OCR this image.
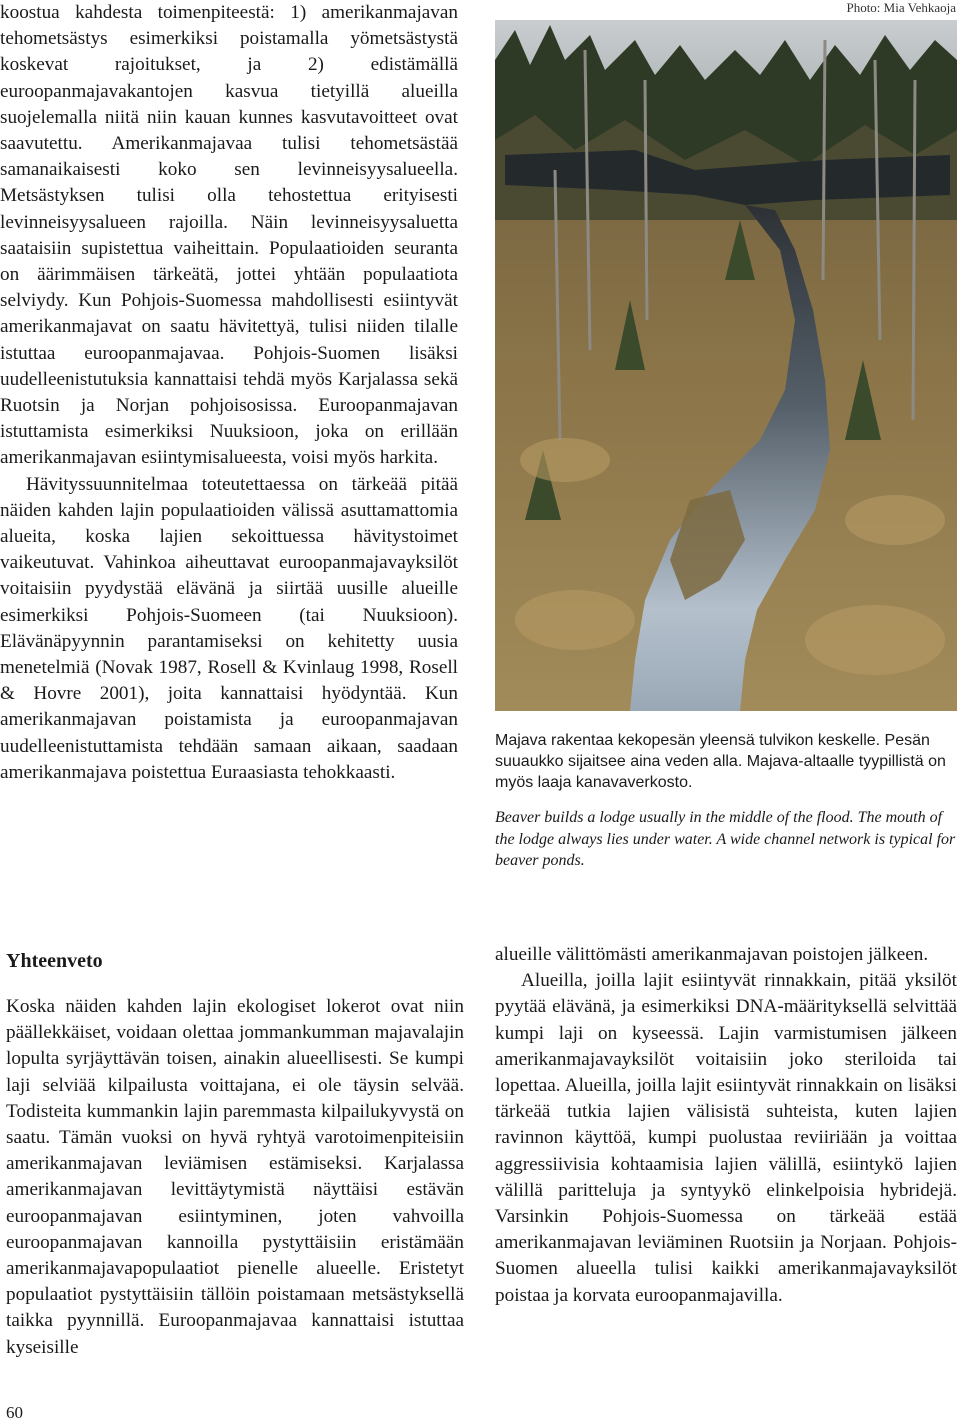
koostua kahdesta toimenpiteestä: 1) amerikanmajavan tehometsästys esimerkiksi poistamalla yömetsästystä koskevat rajoitukset, ja 2) edistämällä euroopanmajavakantojen kasvua tietyillä alueilla suojelemalla niitä niin kauan kunnes kasvutavoitteet ovat saavutettu. Amerikanmajavaa tulisi tehometsästää samanaikaisesti koko sen levinneisyysalueella. Metsästyksen tulisi olla tehostettua erityisesti levinneisyysalueen rajoilla. Näin levinneisyysaluetta saataisiin supistettua vaiheittain. Populaatioiden seuranta on äärimmäisen tärkeätä, jottei yhtään populaatiota selviydy. Kun Pohjois-Suomessa mahdollisesti esiintyvät amerikanmajavat on saatu hävitettyä, tulisi niiden tilalle istuttaa euroopanmajavaa. Pohjois-Suomen lisäksi uudelleenistutuksia kannattaisi tehdä myös Karjalassa sekä Ruotsin ja Norjan pohjoisosissa. Euroopanmajavan istuttamista esimerkiksi Nuuksioon, joka on erillään amerikanmajavan esiintymisalueesta, voisi myös harkita.

Hävityssuunnitelmaa toteutettaessa on tärkeää pitää näiden kahden lajin populaatioiden välissä asuttamattomia alueita, koska lajien sekoittuessa hävitystoimet vaikeutuvat. Vahinkoa aiheuttavat euroopanmajavayksilöt voitaisiin pyydystää elävänä ja siirtää uusille alueille esimerkiksi Pohjois-Suomeen (tai Nuuksioon). Elävänäpyynnin parantamiseksi on kehitetty uusia menetelmiä (Novak 1987, Rosell & Kvinlaug 1998, Rosell & Hovre 2001), joita kannattaisi hyödyntää. Kun amerikanmajavan poistamista ja euroopanmajavan uudelleenistuttamista tehdään samaan aikaan, saadaan amerikanmajava poistettua Euraasiasta tehokkaasti.

Yhteenveto

Koska näiden kahden lajin ekologiset lokerot ovat niin päällekkäiset, voidaan olettaa jommankumman majavalajin lopulta syrjäyttävän toisen, ainakin alueellisesti. Se kumpi laji selviää kilpailusta voittajana, ei ole täysin selvää. Todisteita kummankin lajin paremmasta kilpailukyvystä on saatu. Tämän vuoksi on hyvä ryhtyä varotoimenpiteisiin amerikanmajavan leviämisen estämiseksi. Karjalassa amerikanmajavan levittäytymistä näyttäisi estävän euroopanmajavan esiintyminen, joten vahvoilla euroopanmajavan kannoilla pystyttäisiin eristämään amerikanmajavapopulaatiot pienelle alueelle. Eristetyt populaatiot pystyttäisiin tällöin poistamaan metsästyksellä taikka pyynnillä. Euroopanmajavaa kannattaisi istuttaa kyseisille

alueille välittömästi amerikanmajavan poistojen jälkeen.

Alueilla, joilla lajit esiintyvät rinnakkain, pitää yksilöt pyytää elävänä, ja esimerkiksi DNA-määrityksellä selvittää kumpi laji on kyseessä. Lajin varmistumisen jälkeen amerikanmajavayksilöt voitaisiin joko steriloida tai lopettaa. Alueilla, joilla lajit esiintyvät rinnakkain on lisäksi tärkeää tutkia lajien välisistä suhteista, kuten lajien ravinnon käyttöä, kumpi puolustaa reviiriään ja voittaa aggressiivisia kohtaamisia lajien välillä, esiintykö lajien välillä paritteluja ja syntyykö elinkelpoisia hybridejä. Varsinkin Pohjois-Suomessa on tärkeää estää amerikanmajavan leviäminen Ruotsiin ja Norjaan. Pohjois-Suomen alueella tulisi kaikki amerikanmajavayksilöt poistaa ja korvata euroopanmajavilla.

Photo: Mia Vehkaoja

Majava rakentaa kekopesän yleensä tulvikon keskelle. Pesän suuaukko sijaitsee aina veden alla. Majava-altaalle tyypillistä on myös laaja kanavaverkosto.

Beaver builds a lodge usually in the middle of the flood. The mouth of the lodge always lies under water. A wide channel network is typical for beaver ponds.

60
